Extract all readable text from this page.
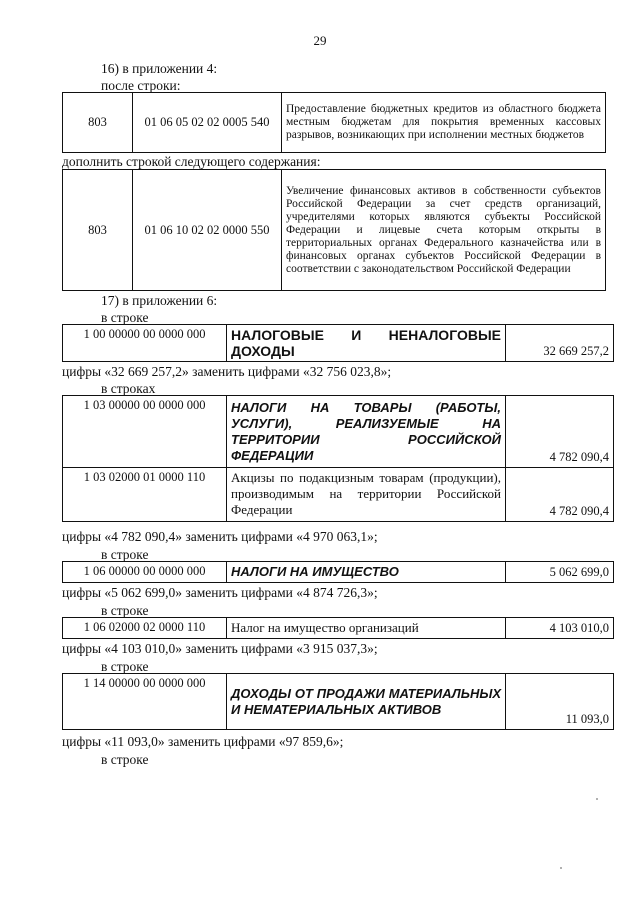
29
16) в приложении 4:
после строки:
803	01 06 05 02 02 0005 540	Предоставление бюджетных кредитов из областного бюджета местным бюджетам для покрытия временных кассовых разрывов, возникающих при исполнении местных бюджетов
дополнить строкой следующего содержания:
803	01 06 10 02 02 0000 550	Увеличение финансовых активов в собственности субъектов Российской Федерации за счет средств организаций, учредителями которых являются субъекты Российской Федерации и лицевые счета которым открыты в территориальных органах Федерального казначейства или в финансовых органах субъектов Российской Федерации в соответствии с законодательством Российской Федерации
17) в приложении 6:
в строке
1 00 00000 00 0000 000	НАЛОГОВЫЕ И НЕНАЛОГОВЫЕ ДОХОДЫ	32 669 257,2
цифры «32 669 257,2» заменить цифрами «32 756 023,8»;
в строках
1 03 00000 00 0000 000	НАЛОГИ НА ТОВАРЫ (РАБОТЫ, УСЛУГИ), РЕАЛИЗУЕМЫЕ НА ТЕРРИТОРИИ РОССИЙСКОЙ ФЕДЕРАЦИИ	4 782 090,4
1 03 02000 01 0000 110	Акцизы по подакцизным товарам (продукции), производимым на территории Российской Федерации	4 782 090,4
цифры «4 782 090,4» заменить цифрами «4 970 063,1»;
в строке
1 06 00000 00 0000 000	НАЛОГИ НА ИМУЩЕСТВО	5 062 699,0
цифры «5 062 699,0» заменить цифрами «4 874 726,3»;
в строке
1 06 02000 02 0000 110	Налог на имущество организаций	4 103 010,0
цифры «4 103 010,0» заменить цифрами «3 915 037,3»;
в строке
1 14 00000 00 0000 000	ДОХОДЫ ОТ ПРОДАЖИ МАТЕРИАЛЬНЫХ И НЕМАТЕРИАЛЬНЫХ АКТИВОВ	11 093,0
цифры «11 093,0» заменить цифрами «97 859,6»;
в строке
